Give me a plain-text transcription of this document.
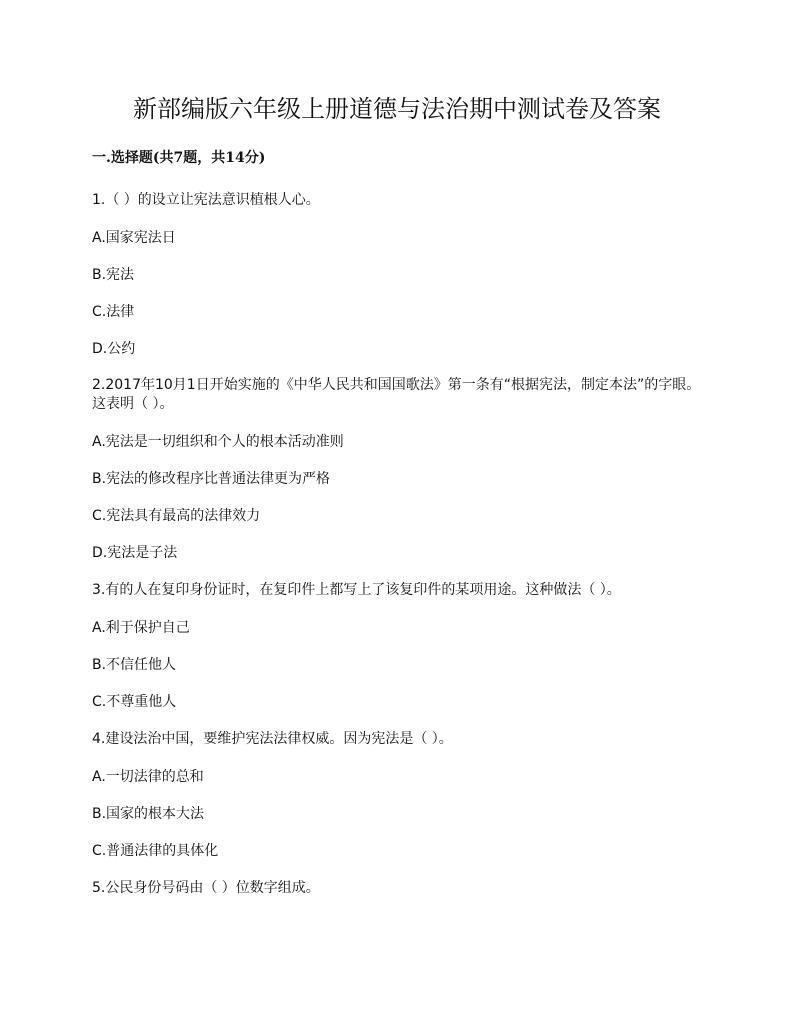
新部编版六年级上册道德与法治期中测试卷及答案
一.选择题(共7题，共14分)

1.（ ）的设立让宪法意识植根人心。

A.国家宪法日

B.宪法

C.法律

D.公约

2.2017年10月1日开始实施的《中华人民共和国国歌法》第一条有“根据宪法，制定本法”的字眼。这表明（ ）。

A.宪法是一切组织和个人的根本活动准则

B.宪法的修改程序比普通法律更为严格

C.宪法具有最高的法律效力

D.宪法是子法

3.有的人在复印身份证时，在复印件上都写上了该复印件的某项用途。这种做法（ ）。

A.利于保护自己

B.不信任他人

C.不尊重他人

4.建设法治中国，要维护宪法法律权威。因为宪法是（ ）。

A.一切法律的总和

B.国家的根本大法

C.普通法律的具体化

5.公民身份号码由（ ）位数字组成。
